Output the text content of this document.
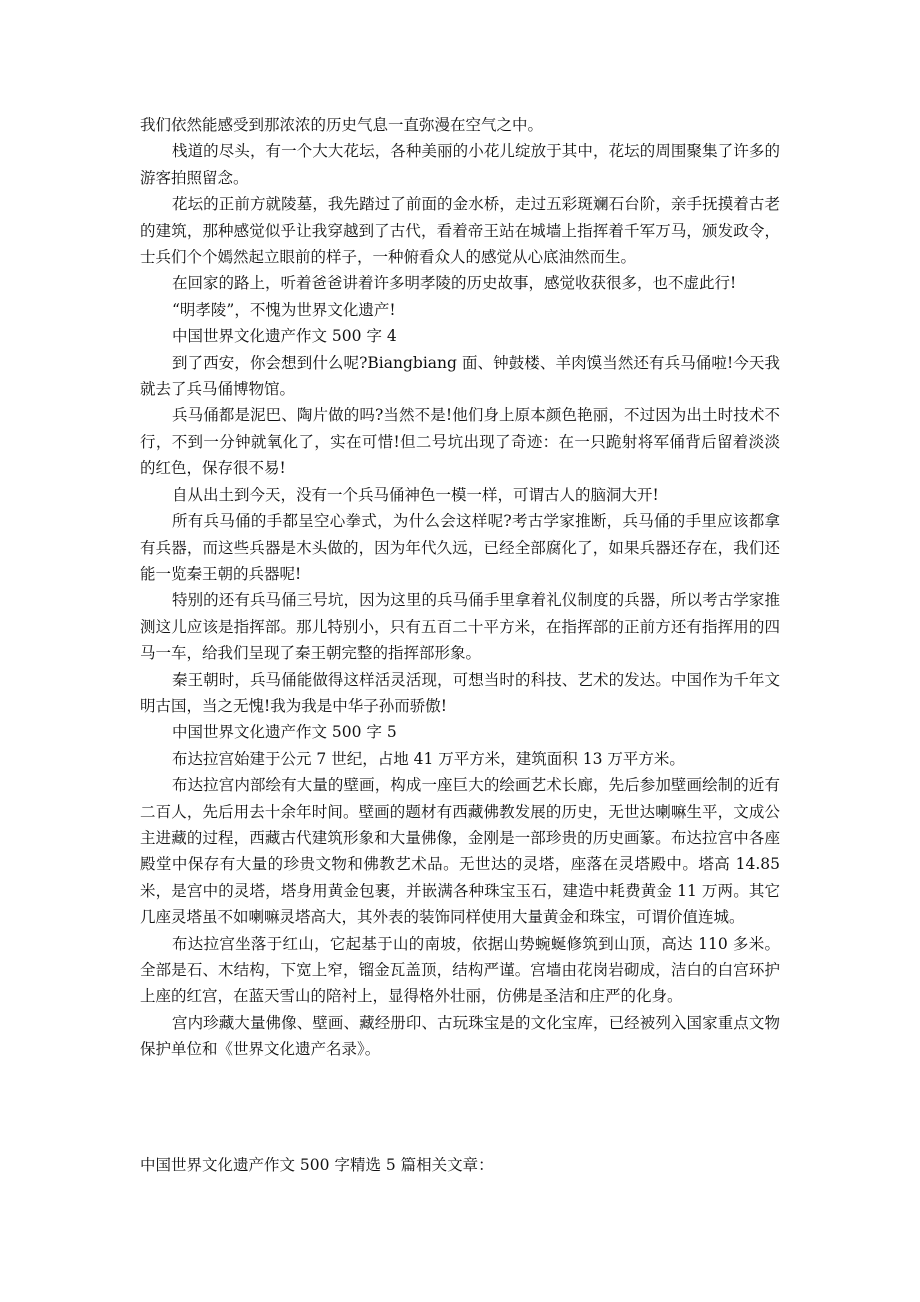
我们依然能感受到那浓浓的历史气息一直弥漫在空气之中。

栈道的尽头，有一个大大花坛，各种美丽的小花儿绽放于其中，花坛的周围聚集了许多的游客拍照留念。

花坛的正前方就陵墓，我先踏过了前面的金水桥，走过五彩斑斓石台阶，亲手抚摸着古老的建筑，那种感觉似乎让我穿越到了古代，看着帝王站在城墙上指挥着千军万马，颁发政令，士兵们个个嫣然起立眼前的样子，一种俯看众人的感觉从心底油然而生。

在回家的路上，听着爸爸讲着许多明孝陵的历史故事，感觉收获很多，也不虚此行!

“明孝陵”，不愧为世界文化遗产!

中国世界文化遗产作文 500 字 4

到了西安，你会想到什么呢?Biangbiang 面、钟鼓楼、羊肉馍当然还有兵马俑啦!今天我就去了兵马俑博物馆。

兵马俑都是泥巴、陶片做的吗?当然不是!他们身上原本颜色艳丽，不过因为出土时技术不行，不到一分钟就氧化了，实在可惜!但二号坑出现了奇迹：在一只跪射将军俑背后留着淡淡的红色，保存很不易!

自从出土到今天，没有一个兵马俑神色一模一样，可谓古人的脑洞大开!

所有兵马俑的手都呈空心拳式，为什么会这样呢?考古学家推断，兵马俑的手里应该都拿有兵器，而这些兵器是木头做的，因为年代久远，已经全部腐化了，如果兵器还存在，我们还能一览秦王朝的兵器呢!

特别的还有兵马俑三号坑，因为这里的兵马俑手里拿着礼仪制度的兵器，所以考古学家推测这儿应该是指挥部。那儿特别小，只有五百二十平方米，在指挥部的正前方还有指挥用的四马一车，给我们呈现了秦王朝完整的指挥部形象。

秦王朝时，兵马俑能做得这样活灵活现，可想当时的科技、艺术的发达。中国作为千年文明古国，当之无愧!我为我是中华子孙而骄傲!

中国世界文化遗产作文 500 字 5

布达拉宫始建于公元 7 世纪，占地 41 万平方米，建筑面积 13 万平方米。

布达拉宫内部绘有大量的壁画，构成一座巨大的绘画艺术长廊，先后参加壁画绘制的近有二百人，先后用去十余年时间。壁画的题材有西藏佛教发展的历史，无世达喇嘛生平，文成公主进藏的过程，西藏古代建筑形象和大量佛像，金刚是一部珍贵的历史画篆。布达拉宫中各座殿堂中保存有大量的珍贵文物和佛教艺术品。无世达的灵塔，座落在灵塔殿中。塔高 14.85 米，是宫中的灵塔，塔身用黄金包裹，并嵌满各种珠宝玉石，建造中耗费黄金 11 万两。其它几座灵塔虽不如喇嘛灵塔高大，其外表的装饰同样使用大量黄金和珠宝，可谓价值连城。

布达拉宫坐落于红山，它起基于山的南坡，依据山势蜿蜒修筑到山顶，高达 110 多米。全部是石、木结构，下宽上窄，镏金瓦盖顶，结构严谨。宫墙由花岗岩砌成，洁白的白宫环护上座的红宫，在蓝天雪山的陪衬上，显得格外壮丽，仿佛是圣洁和庄严的化身。

宫内珍藏大量佛像、壁画、藏经册印、古玩珠宝是的文化宝库，已经被列入国家重点文物保护单位和《世界文化遗产名录》。

中国世界文化遗产作文 500 字精选 5 篇相关文章：
